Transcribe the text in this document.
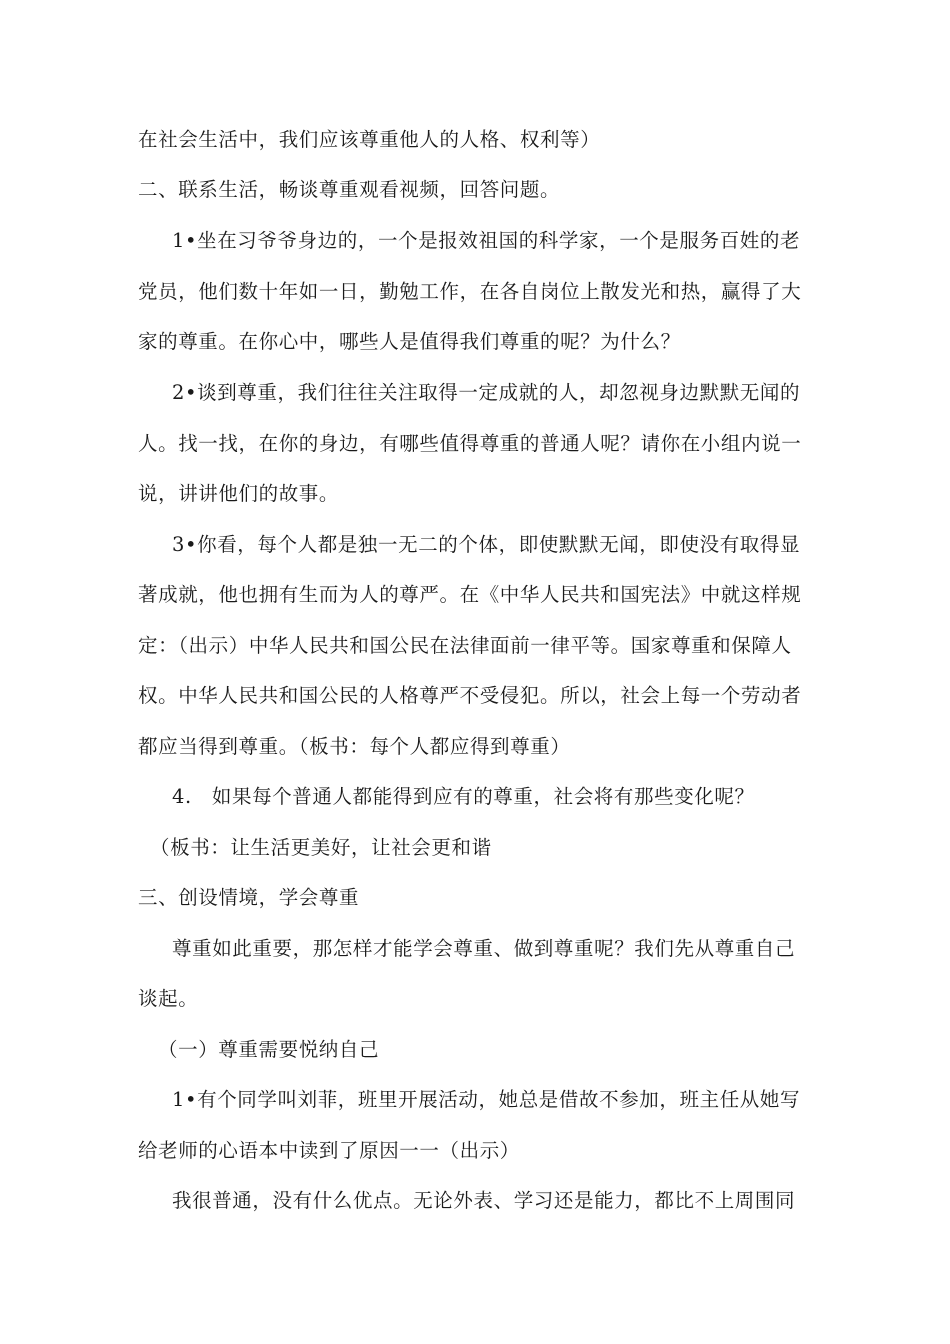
在社会生活中，我们应该尊重他人的人格、权利等）
二、联系生活，畅谈尊重观看视频，回答问题。
1•坐在习爷爷身边的，一个是报效祖国的科学家，一个是服务百姓的老
党员，他们数十年如一日，勤勉工作，在各自岗位上散发光和热，赢得了大
家的尊重。在你心中，哪些人是值得我们尊重的呢？为什么？
2•谈到尊重，我们往往关注取得一定成就的人，却忽视身边默默无闻的
人。找一找，在你的身边，有哪些值得尊重的普通人呢？请你在小组内说一
说，讲讲他们的故事。
3•你看，每个人都是独一无二的个体，即使默默无闻，即使没有取得显
著成就，他也拥有生而为人的尊严。在《中华人民共和国宪法》中就这样规
定：（出示）中华人民共和国公民在法律面前一律平等。国家尊重和保障人
权。中华人民共和国公民的人格尊严不受侵犯。所以，社会上每一个劳动者
都应当得到尊重。（板书：每个人都应得到尊重）
4.　如果每个普通人都能得到应有的尊重，社会将有那些变化呢？
（板书：让生活更美好，让社会更和谐
三、创设情境，学会尊重
尊重如此重要，那怎样才能学会尊重、做到尊重呢？我们先从尊重自己
谈起。
（一）尊重需要悦纳自己
1•有个同学叫刘菲，班里开展活动，她总是借故不参加，班主任从她写
给老师的心语本中读到了原因一一（出示）
我很普通，没有什么优点。无论外表、学习还是能力，都比不上周围同
